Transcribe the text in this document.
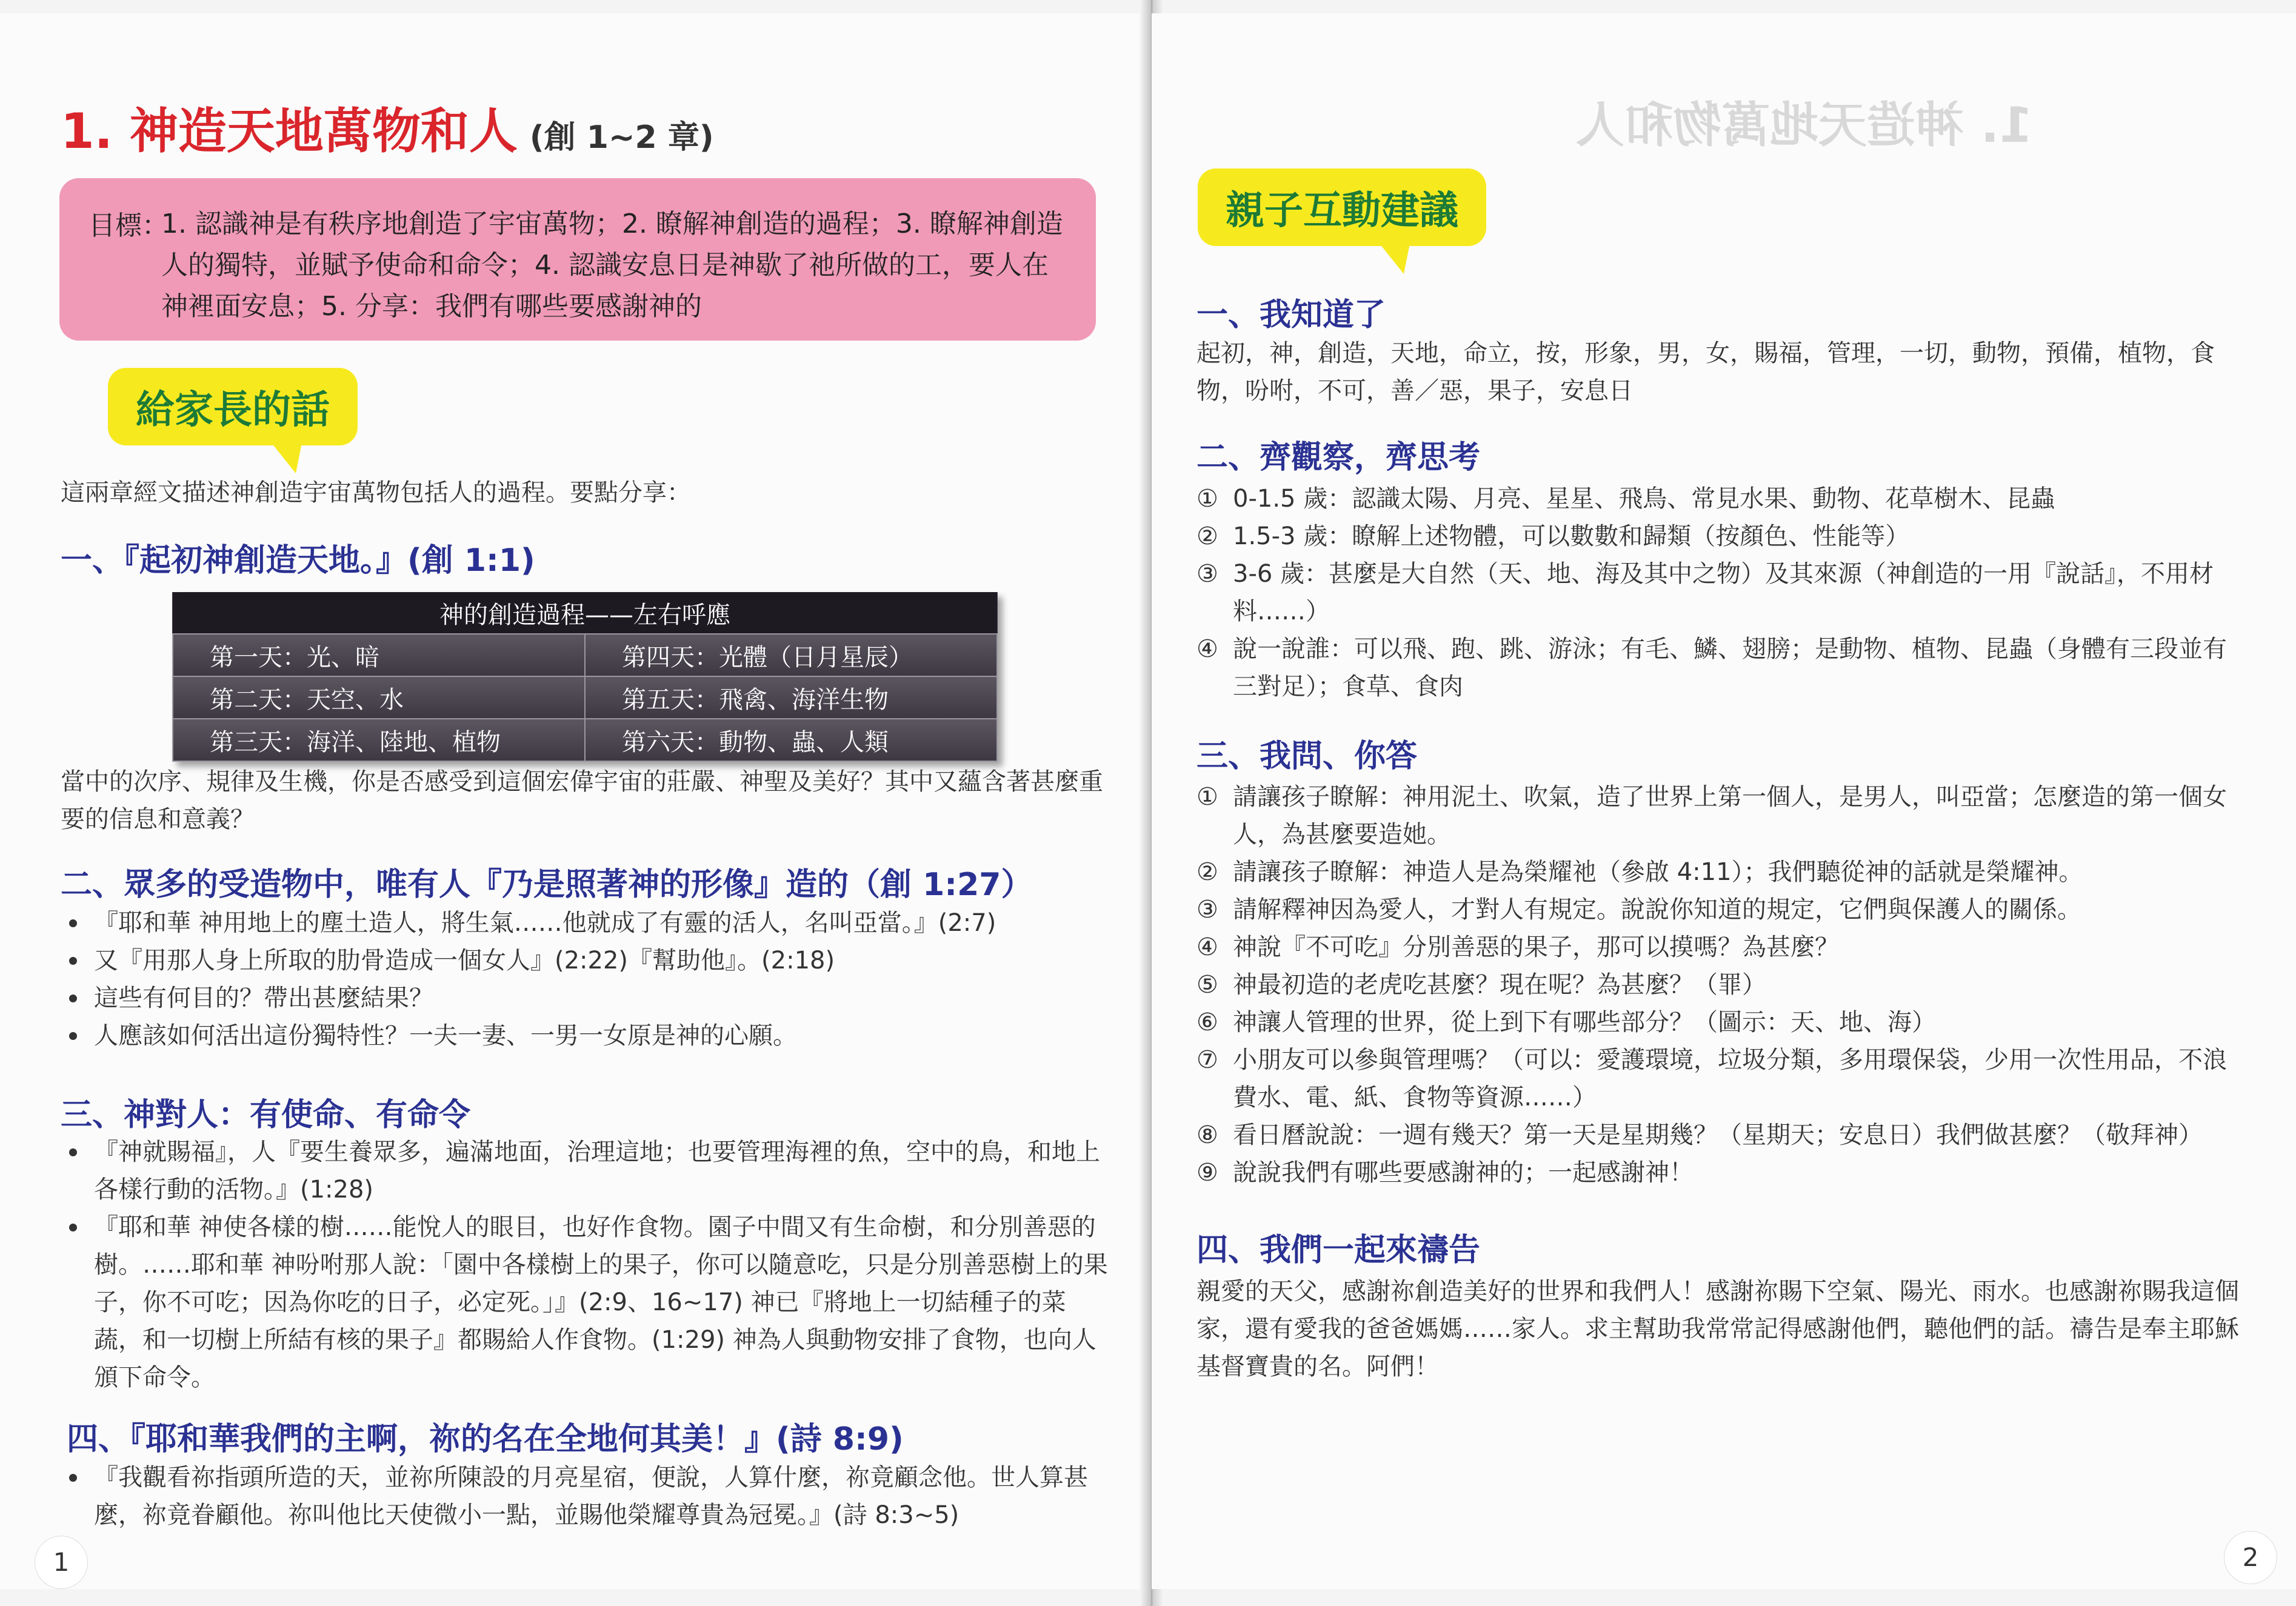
1. 神造天地萬物和人 (創 1~2 章)
目標：
1. 認識神是有秩序地創造了宇宙萬物；2. 瞭解神創造的過程；3. 瞭解神創造人的獨特，並賦予使命和命令；4. 認識安息日是神歇了祂所做的工，要人在神裡面安息；5. 分享：我們有哪些要感謝神的
給家長的話
這兩章經文描述神創造宇宙萬物包括人的過程。要點分享：
一、『起初神創造天地。』(創 1:1)
神的創造過程——左右呼應	
第一天：光、暗	第四天：光體（日月星辰）
第二天：天空、水	第五天：飛禽、海洋生物
第三天：海洋、陸地、植物	第六天：動物、蟲、人類
當中的次序、規律及生機，你是否感受到這個宏偉宇宙的莊嚴、神聖及美好？其中又蘊含著甚麼重要的信息和意義？
二、眾多的受造物中，唯有人『乃是照著神的形像』造的（創 1:27）
『耶和華 神用地上的塵土造人，將生氣……他就成了有靈的活人，名叫亞當。』(2:7)
又『用那人身上所取的肋骨造成一個女人』(2:22)『幫助他』。(2:18)
這些有何目的？帶出甚麼結果？
人應該如何活出這份獨特性？一夫一妻、一男一女原是神的心願。
三、神對人：有使命、有命令
『神就賜福』，人『要生養眾多，遍滿地面，治理這地；也要管理海裡的魚，空中的鳥，和地上各樣行動的活物。』(1:28)
『耶和華 神使各樣的樹……能悅人的眼目，也好作食物。園子中間又有生命樹，和分別善惡的樹。……耶和華 神吩咐那人說：「園中各樣樹上的果子，你可以隨意吃，只是分別善惡樹上的果子，你不可吃；因為你吃的日子，必定死。」』(2:9、16~17) 神已『將地上一切結種子的菜蔬，和一切樹上所結有核的果子』都賜給人作食物。(1:29) 神為人與動物安排了食物，也向人頒下命令。
四、『耶和華我們的主啊，祢的名在全地何其美！』(詩 8:9)
『我觀看祢指頭所造的天，並祢所陳設的月亮星宿，便說，人算什麼，祢竟顧念他。世人算甚麼，祢竟眷顧他。祢叫他比天使微小一點，並賜他榮耀尊貴為冠冕。』(詩 8:3~5)
1
1. 神造天地萬物和人
親子互動建議
一、我知道了
起初，神，創造，天地，命立，按，形象，男，女，賜福，管理，一切，動物，預備，植物，食物，吩咐，不可，善／惡，果子，安息日
二、齊觀察，齊思考
① 0-1.5 歲：認識太陽、月亮、星星、飛鳥、常見水果、動物、花草樹木、昆蟲
② 1.5-3 歲：瞭解上述物體，可以數數和歸類（按顏色、性能等）
③ 3-6 歲：甚麼是大自然（天、地、海及其中之物）及其來源（神創造的一用『說話』，不用材料……）
④ 說一說誰：可以飛、跑、跳、游泳；有毛、鱗、翅膀；是動物、植物、昆蟲（身體有三段並有三對足）；食草、食肉
三、我問、你答
① 請讓孩子瞭解：神用泥土、吹氣，造了世界上第一個人，是男人，叫亞當；怎麼造的第一個女人，為甚麼要造她。
② 請讓孩子瞭解：神造人是為榮耀祂（參啟 4:11）；我們聽從神的話就是榮耀神。
③ 請解釋神因為愛人，才對人有規定。說說你知道的規定，它們與保護人的關係。
④ 神說『不可吃』分別善惡的果子，那可以摸嗎？為甚麼？
⑤ 神最初造的老虎吃甚麼？現在呢？為甚麼？（罪）
⑥ 神讓人管理的世界，從上到下有哪些部分？（圖示：天、地、海）
⑦ 小朋友可以參與管理嗎？（可以：愛護環境，垃圾分類，多用環保袋，少用一次性用品，不浪費水、電、紙、食物等資源……）
⑧ 看日曆說說：一週有幾天？第一天是星期幾？（星期天；安息日）我們做甚麼？（敬拜神）
⑨ 說說我們有哪些要感謝神的；一起感謝神！
四、我們一起來禱告
親愛的天父，感謝祢創造美好的世界和我們人！感謝祢賜下空氣、陽光、雨水。也感謝祢賜我這個家，還有愛我的爸爸媽媽……家人。求主幫助我常常記得感謝他們，聽他們的話。禱告是奉主耶穌基督寶貴的名。阿們！
2
